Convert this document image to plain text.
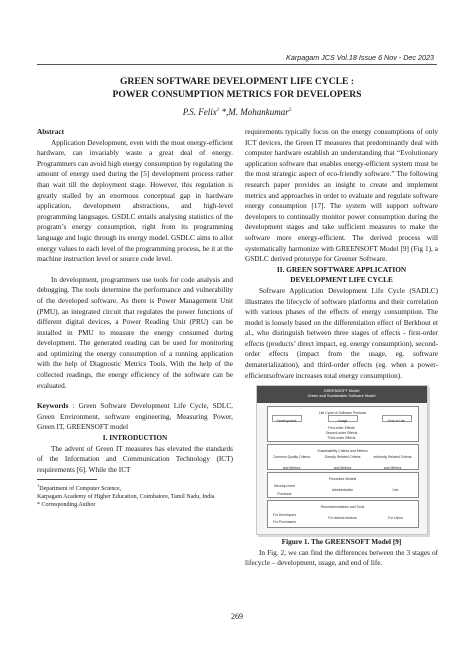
Karpagam JCS Vol.18 Issue 6 Nov - Dec 2023
GREEN SOFTWARE DEVELOPMENT LIFE CYCLE :
POWER CONSUMPTION METRICS FOR DEVELOPERS
P.S. Felix$^1$ *,M. Mohankumar$^2$

Abstract

Application Development, even with the most energy-efficient hardware, can invariably waste a great deal of energy. Programmers can avoid high energy consumption by regulating the amount of energy used during the [5] development process rather than wait till the deployment stage. However, this regulation is greatly stalled by an enormous conceptual gap in hardware application, development abstractions, and high-level programming languages. GSDLC entails analysing statistics of the program’s energy consumption, right from its programming language and logic through its energy model. GSDLC aims to allot energy values to each level of the programming process, be it at the machine instruction level or source code level.

In development, programmers use tools for code analysis and debugging. The tools determine the performance and vulnerability of the developed software. As there is Power Management Unit (PMU), an integrated circuit that regulates the power functions of different digital devices, a Power Reading Unit (PRU) can be installed in PMU to measure the energy consumed during development. The generated reading can be used for monitoring and optimizing the energy consumption of a running application with the help of Diagnostic Metrics Tools. With the help of the collected readings, the energy efficiency of the software can be evaluated.

Keywords : Green Software Development Life Cycle, SDLC, Green Environment, software engineering, Measuring Power, Green IT, GREENSOFT model

I. INTRODUCTION

The advent of Green IT measures has elevated the standards of the Information and Communication Technology (ICT) requirements [6]. While the ICT

$^1$Department of Computer Science,

Karpagam Academy of Higher Education, Coimbatore, Tamil Nadu, India

* Corresponding Author

requirements typically focus on the energy consumptions of only ICT devices, the Green IT measures that predominantly deal with computer hardware establish an understanding that “Evolutionary application software that enables energy-efficient system must be the most strategic aspect of eco-friendly software.” The following research paper provides an insight to create and implement metrics and approaches in order to evaluate and regulate software energy consumption [17]. The system will support software developers to continually monitor power consumption during the development stages and take sufficient measures to make the software more energy-efficient. The derived process will systematically harmonize with GREENSOFT Model [9] (Fig 1), a GSDLC derived prototype for Greener Software.

II. GREEN SOFTWARE APPLICATION
DEVELOPMENT LIFE CYCLE

Software Application Development Life Cycle (SADLC) illustrates the lifecycle of software platforms and their correlation with various phases of the effects of energy consumption. The model is loosely based on the differentiation effect of Berkhout et al., who distinguish between three stages of effects - first-order effects (products’ direct impact, eg. energy consumption), second-order effects (impact from the usage, eg. software dematerialization), and third-order effects (eg. when a power-efficientsoftware increases total energy consumption).

GREENSOFT Model
Green and Sustainable Software Model
Life Cycle of Software Products
Development	Usage	End of Life
First-order Effects
Second-order Effects
Third-order Effects
Sustainability Criteria and Metrics
Common Quality Criteria and Metrics
Directly Related Criteria and Metrics
Indirectly Related Criteria and Metrics
Procedure Models
Develop-ment
Purchase
Administration	Use
Recommendations and Tools
For Developers
For Purchasers
For Admini-strators	For Users

Figure 1. The GREENSOFT Model [9]

In Fig. 2, we can find the differences between the 3 stages of lifecycle – development, usage, and end of life.

269
